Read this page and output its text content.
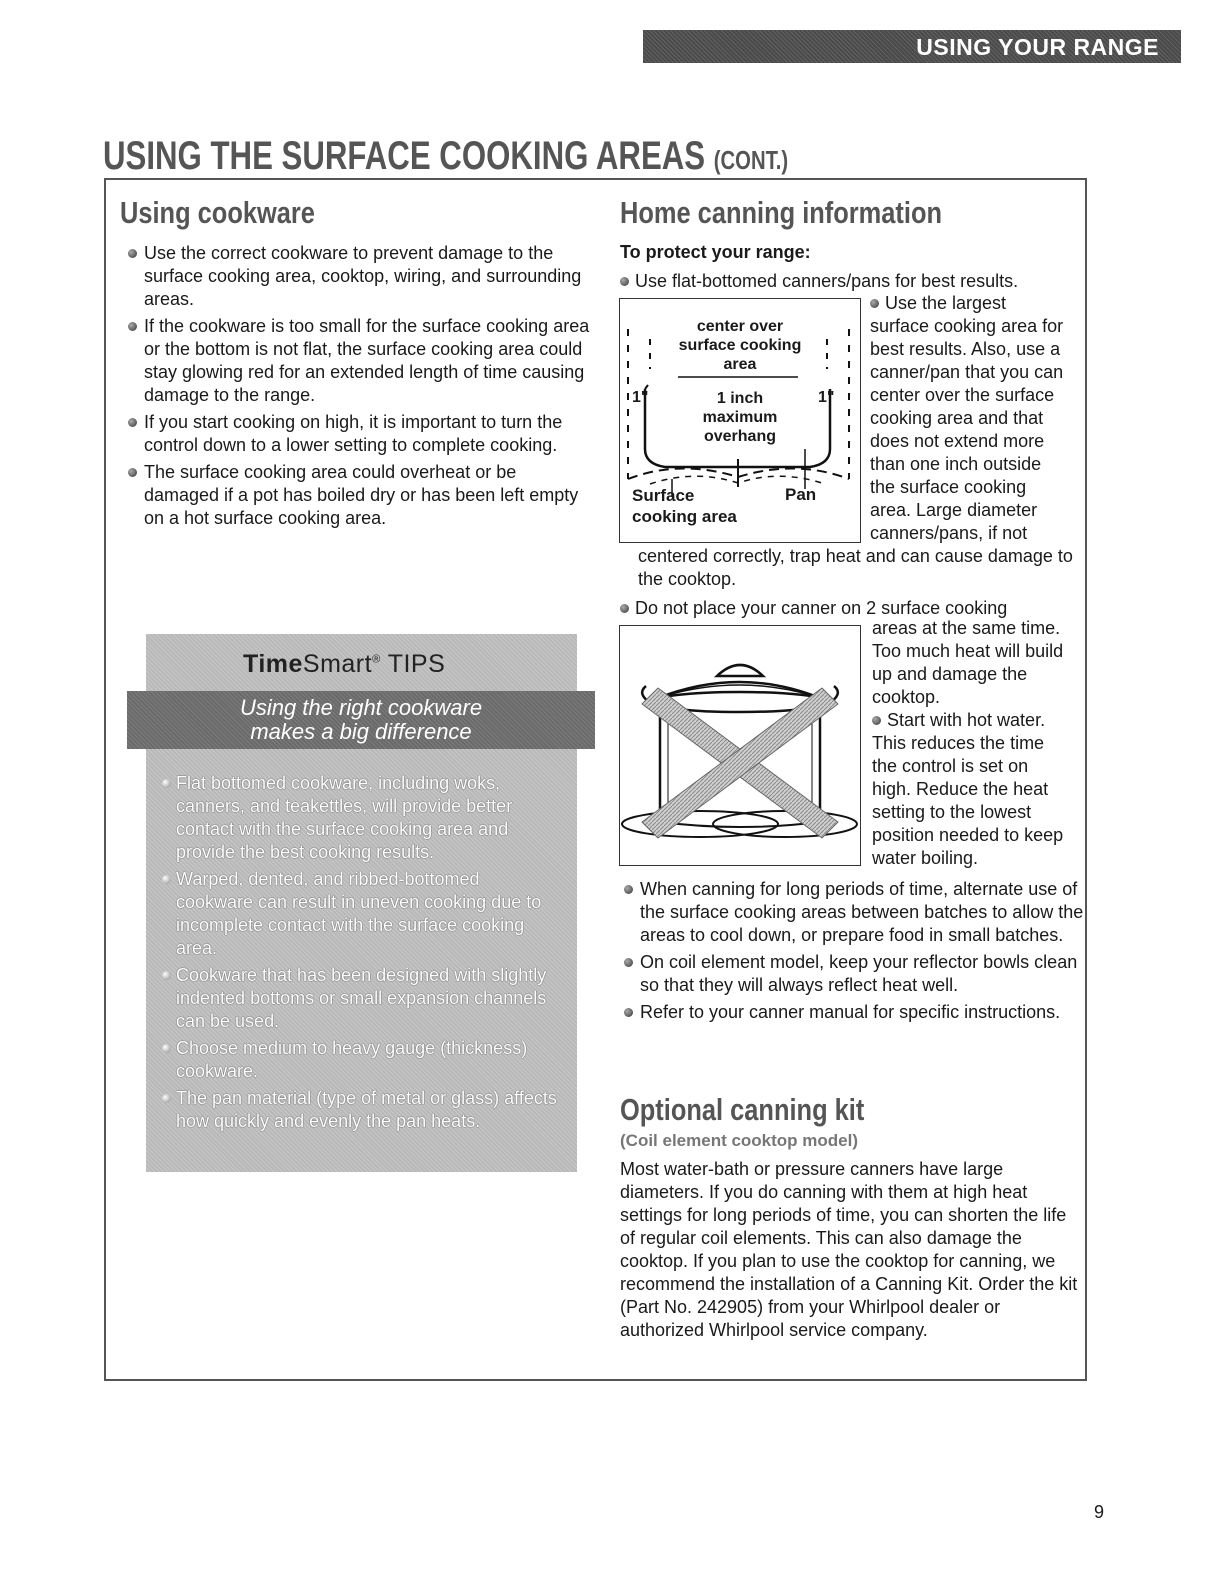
USING YOUR RANGE
USING THE SURFACE COOKING AREAS (CONT.)
Using cookware
Use the correct cookware to prevent damage to the surface cooking area, cooktop, wiring, and surrounding areas.
If the cookware is too small for the surface cooking area or the bottom is not flat, the surface cooking area could stay glowing red for an extended length of time causing damage to the range.
If you start cooking on high, it is important to turn the control down to a lower setting to complete cooking.
The surface cooking area could overheat or be damaged if a pot has boiled dry or has been left empty on a hot surface cooking area.
TimeSmart® TIPS
Using the right cookware
makes a big difference
Flat bottomed cookware, including woks, canners, and teakettles, will provide better contact with the surface cooking area and provide the best cooking results.
Warped, dented, and ribbed-bottomed cookware can result in uneven cooking due to incomplete contact with the surface cooking area.
Cookware that has been designed with slightly indented bottoms or small expansion channels can be used.
Choose medium to heavy gauge (thickness) cookware.
The pan material (type of metal or glass) affects how quickly and evenly the pan heats.
Home canning information
To protect your range:
Use flat-bottomed canners/pans for best results.
center over
surface cooking
area
1 inch
maximum
overhang
1"	1"
Surface
cooking area
Pan
Use the largest
surface cooking area for
best results. Also, use a
canner/pan that you can
center over the surface
cooking area and that
does not extend more
than one inch outside
the surface cooking
area. Large diameter
canners/pans, if not
centered correctly, trap heat and can cause damage to the cooktop.
Do not place your canner on 2 surface cooking
areas at the same time.
Too much heat will build
up and damage the
cooktop.
Start with hot water.
This reduces the time
the control is set on
high. Reduce the heat
setting to the lowest
position needed to keep
water boiling.
When canning for long periods of time, alternate use of the surface cooking areas between batches to allow the areas to cool down, or prepare food in small batches.
On coil element model, keep your reflector bowls clean so that they will always reflect heat well.
Refer to your canner manual for specific instructions.
Optional canning kit
(Coil element cooktop model)
Most water-bath or pressure canners have large diameters. If you do canning with them at high heat settings for long periods of time, you can shorten the life of regular coil elements. This can also damage the cooktop. If you plan to use the cooktop for canning, we recommend the installation of a Canning Kit. Order the kit (Part No. 242905) from your Whirlpool dealer or authorized Whirlpool service company.
9
